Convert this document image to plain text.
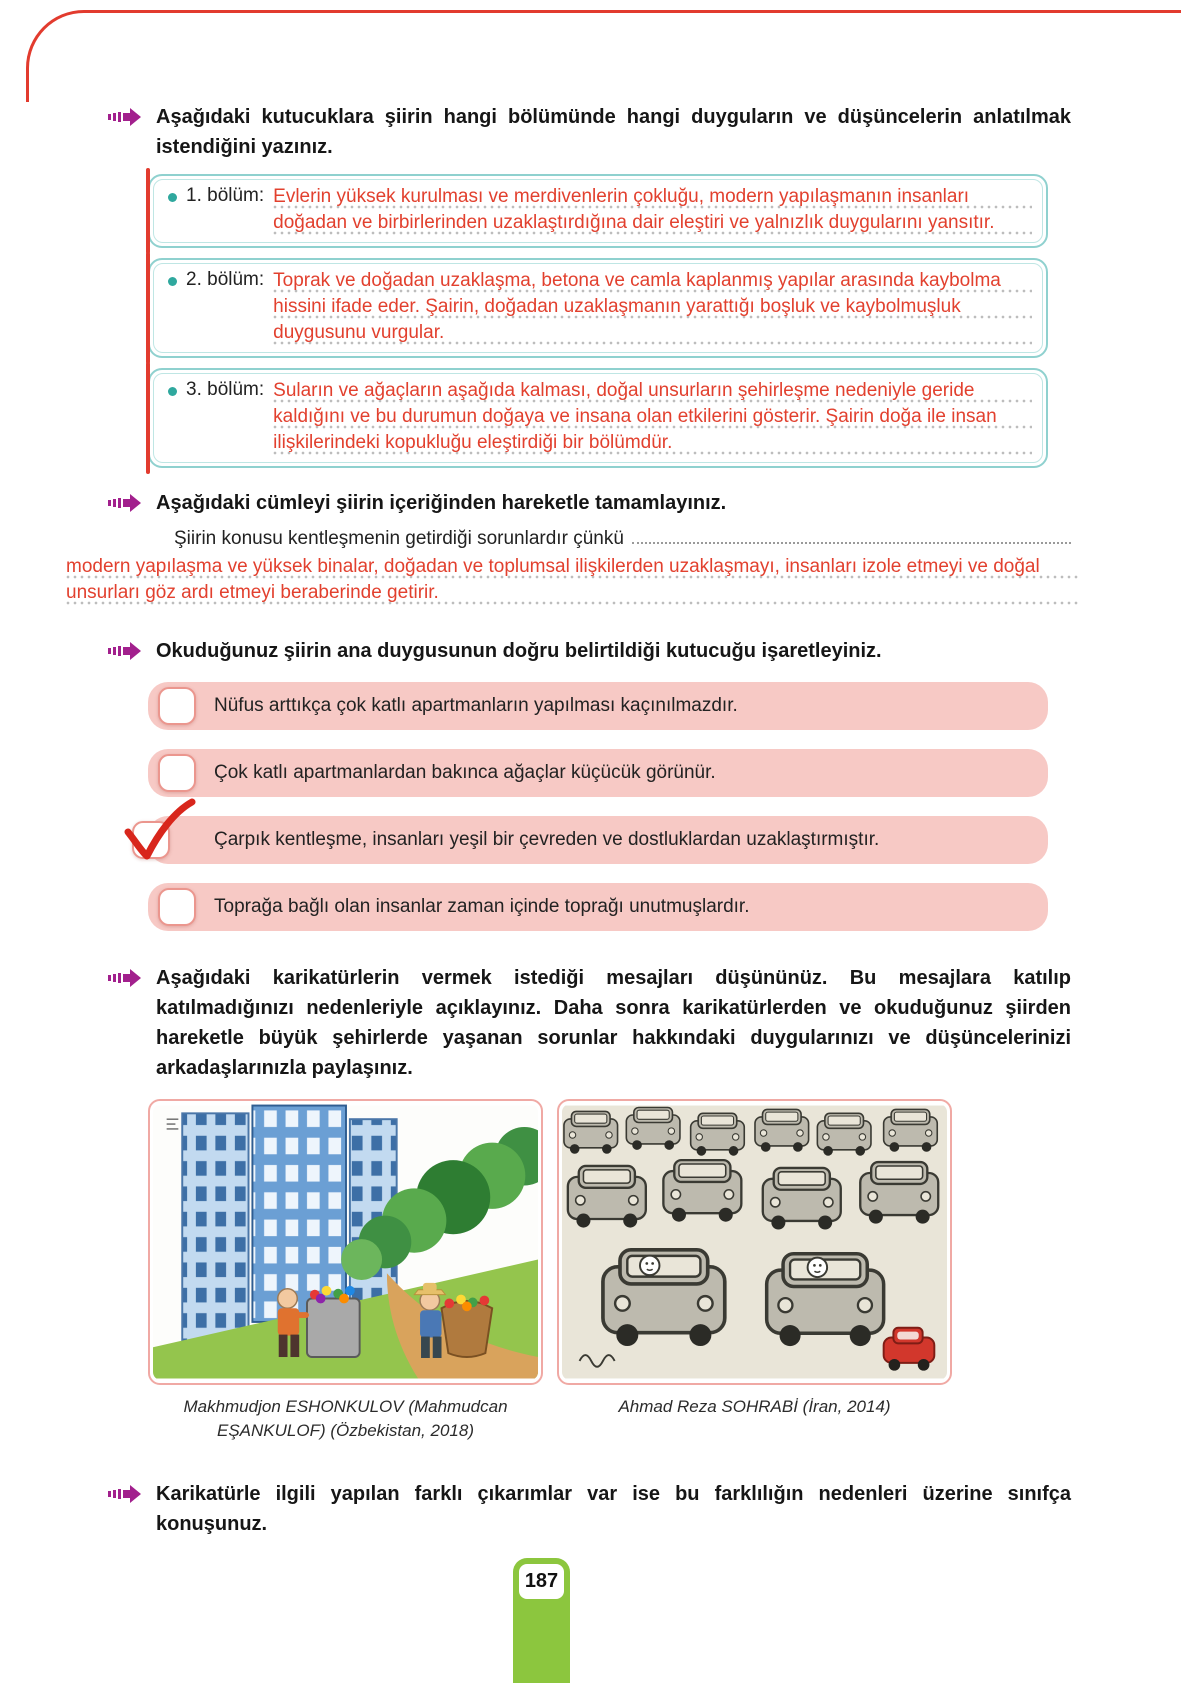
Aşağıdaki kutucuklara şiirin hangi bölümünde hangi duyguların ve düşüncelerin anlatılmak istendiğini yazınız.

1. bölüm: Evlerin yüksek kurulması ve merdivenlerin çokluğu, modern yapılaşmanın insanları doğadan ve birbirlerinden uzaklaştırdığına dair eleştiri ve yalnızlık duygularını yansıtır.
2. bölüm: Toprak ve doğadan uzaklaşma, betona ve camla kaplanmış yapılar arasında kaybolma hissini ifade eder. Şairin, doğadan uzaklaşmanın yarattığı boşluk ve kaybolmuşluk duygusunu vurgular.
3. bölüm: Suların ve ağaçların aşağıda kalması, doğal unsurların şehirleşme nedeniyle geride kaldığını ve bu durumun doğaya ve insana olan etkilerini gösterir. Şairin doğa ile insan ilişkilerindeki kopukluğu eleştirdiği bir bölümdür.

Aşağıdaki cümleyi şiirin içeriğinden hareketle tamamlayınız.

Şiirin konusu kentleşmenin getirdiği sorunlardır çünkü

modern yapılaşma ve yüksek binalar, doğadan ve toplumsal ilişkilerden uzaklaşmayı, insanları izole etmeyi ve doğal unsurları göz ardı etmeyi beraberinde getirir.

Okuduğunuz şiirin ana duygusunun doğru belirtildiği kutucuğu işaretleyiniz.

Nüfus arttıkça çok katlı apartmanların yapılması kaçınılmazdır.
Çok katlı apartmanlardan bakınca ağaçlar küçücük görünür.
Çarpık kentleşme, insanları yeşil bir çevreden ve dostluklardan uzaklaştırmıştır.
Toprağa bağlı olan insanlar zaman içinde toprağı unutmuşlardır.

Aşağıdaki karikatürlerin vermek istediği mesajları düşününüz. Bu mesajlara katılıp katılmadığınızı nedenleriyle açıklayınız. Daha sonra karikatürlerden ve okuduğunuz şiirden hareketle büyük şehirlerde yaşanan sorunlar hakkındaki duygularınızı ve düşüncelerinizi arkadaşlarınızla paylaşınız.

Makhmudjon ESHONKULOV (Mahmudcan EŞANKULOF) (Özbekistan, 2018)

Ahmad Reza SOHRABİ (İran, 2014)

Karikatürle ilgili yapılan farklı çıkarımlar var ise bu farklılığın nedenleri üzerine sınıfça konuşunuz.

187
